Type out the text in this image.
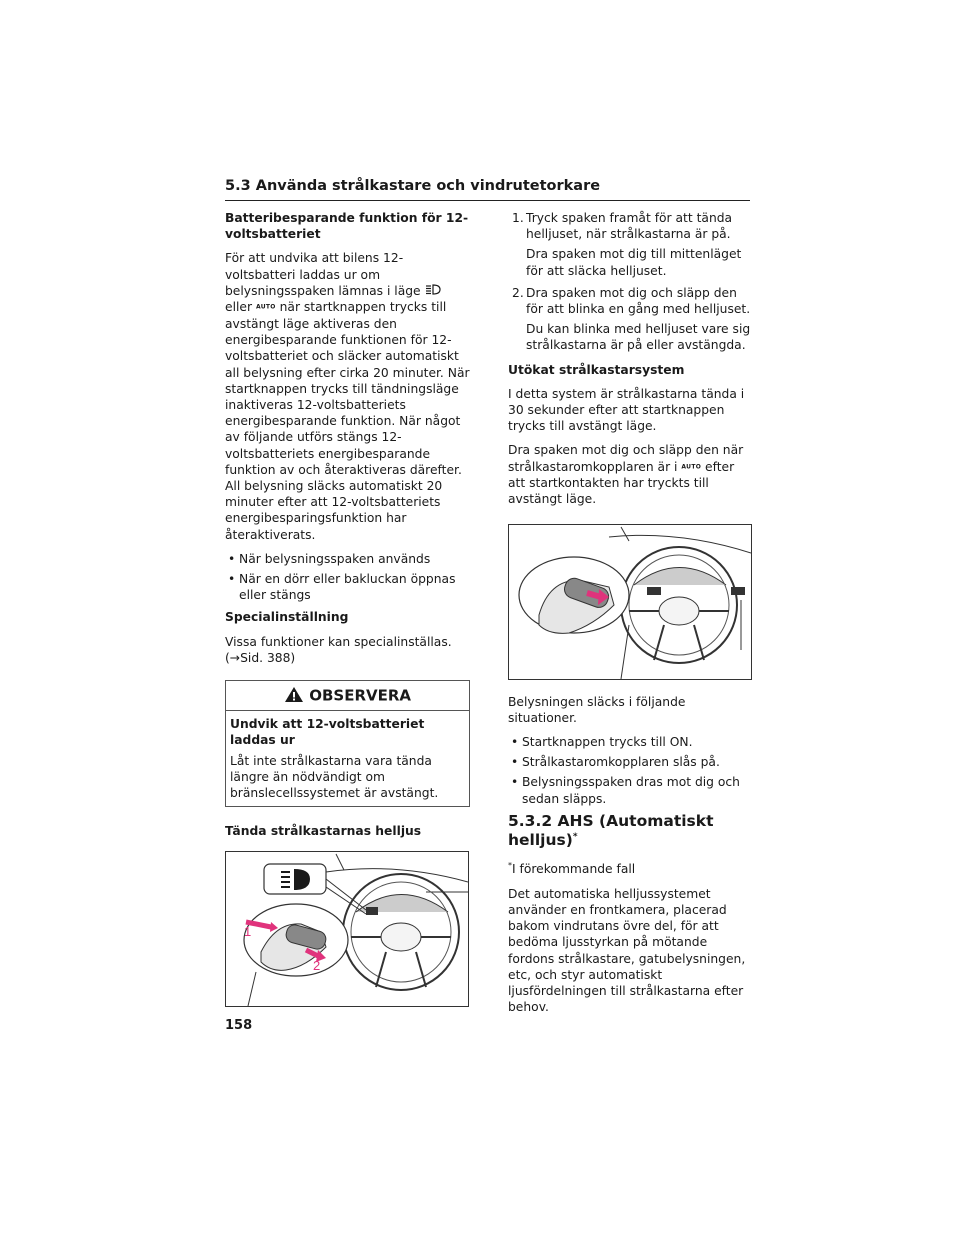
5.3 Använda strålkastare och vindrutetorkare
Batteribesparande funktion för 12-voltsbatteriet

För att undvika att bilens 12-voltsbatteri laddas ur om belysningsspaken lämnas i läge  eller AUTO när startknappen trycks till avstängt läge aktiveras den energibesparande funktionen för 12-voltsbatteriet och släcker automatiskt all belysning efter cirka 20 minuter. När startknappen trycks till tändningsläge inaktiveras 12-voltsbatteriets energibesparande funktion. När något av följande utförs stängs 12-voltsbatteriets energibesparande funktion av och återaktiveras därefter. All belysning släcks automatiskt 20 minuter efter att 12-voltsbatteriets energibesparingsfunktion har återaktiverats.

• När belysningsspaken används
• När en dörr eller bakluckan öppnas eller stängs
Specialinställning

Vissa funktioner kan specialinställas. (→Sid. 388)

OBSERVERA
Undvik att 12-voltsbatteriet laddas ur
Låt inte strålkastarna vara tända längre än nödvändigt om bränslecellssystemet är avstängt.
Tända strålkastarnas helljus
1
2
1. Tryck spaken framåt för att tända helljuset, när strålkastarna är på.
Dra spaken mot dig till mittenläget för att släcka helljuset.
2. Dra spaken mot dig och släpp den för att blinka en gång med helljuset.
Du kan blinka med helljuset vare sig strålkastarna är på eller avstängda.
Utökat strålkastarsystem

I detta system är strålkastarna tända i 30 sekunder efter att startknappen trycks till avstängt läge.

Dra spaken mot dig och släpp den när strålkastaromkopplaren är i AUTO efter att startkontakten har tryckts till avstängt läge.

Belysningen släcks i följande situationer.

• Startknappen trycks till ON.
• Strålkastaromkopplaren slås på.
• Belysningsspaken dras mot dig och sedan släpps.
5.3.2 AHS (Automatiskt helljus)*

*I förekommande fall

Det automatiska helljussystemet använder en frontkamera, placerad bakom vindrutans övre del, för att bedöma ljusstyrkan på mötande fordons strålkastare, gatubelysningen, etc, och styr automatiskt ljusfördelningen till strålkastarna efter behov.

158
